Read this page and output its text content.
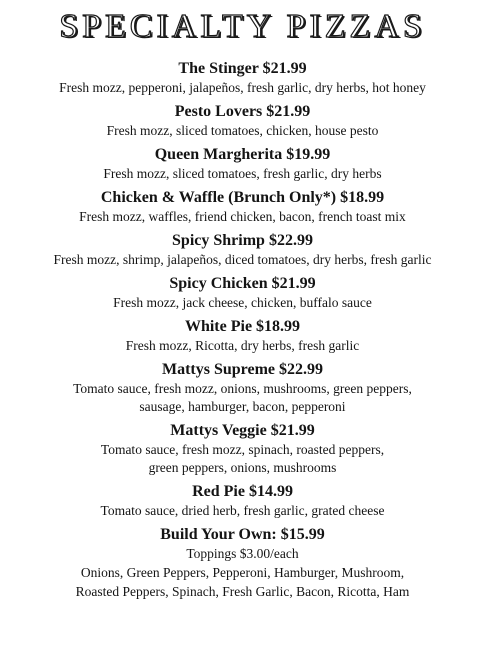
SPECIALTY PIZZAS
The Stinger $21.99
Fresh mozz, pepperoni, jalapeños, fresh garlic, dry herbs, hot honey
Pesto Lovers $21.99
Fresh mozz, sliced tomatoes, chicken, house pesto
Queen Margherita $19.99
Fresh mozz, sliced tomatoes, fresh garlic, dry herbs
Chicken & Waffle (Brunch Only*) $18.99
Fresh mozz, waffles, friend chicken, bacon, french toast mix
Spicy Shrimp $22.99
Fresh mozz, shrimp, jalapeños, diced tomatoes, dry herbs, fresh garlic
Spicy Chicken $21.99
Fresh mozz, jack cheese, chicken, buffalo sauce
White Pie $18.99
Fresh mozz, Ricotta, dry herbs, fresh garlic
Mattys Supreme $22.99
Tomato sauce, fresh mozz, onions, mushrooms, green peppers,
sausage, hamburger, bacon, pepperoni
Mattys Veggie $21.99
Tomato sauce, fresh mozz, spinach, roasted peppers,
green peppers, onions, mushrooms
Red Pie $14.99
Tomato sauce, dried herb, fresh garlic, grated cheese
Build Your Own: $15.99
Toppings $3.00/each
Onions, Green Peppers, Pepperoni, Hamburger, Mushroom,
Roasted Peppers, Spinach, Fresh Garlic, Bacon, Ricotta, Ham
